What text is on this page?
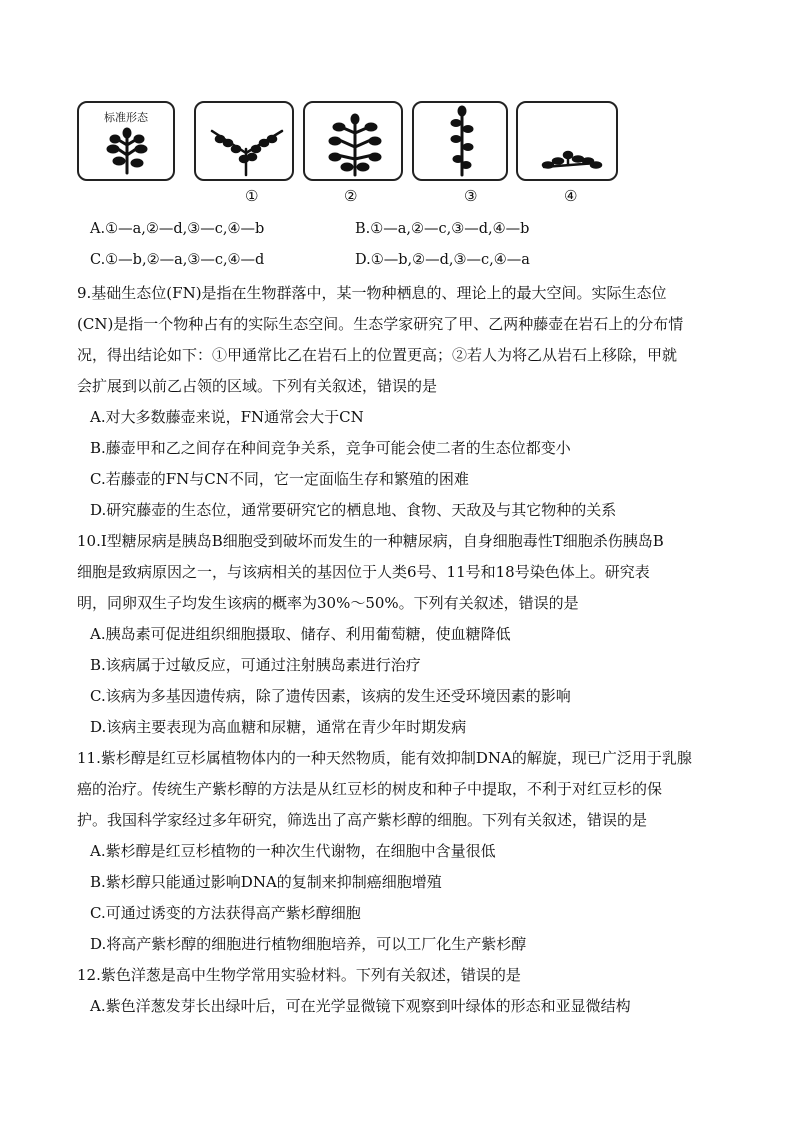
标准形态
①	②	③	④
A.①—a,②—d,③—c,④—b	B.①—a,②—c,③—d,④—b
C.①—b,②—a,③—c,④—d	D.①—b,②—d,③—c,④—a
9.基础生态位(FN)是指在生物群落中，某一物种栖息的、理论上的最大空间。实际生态位
(CN)是指一个物种占有的实际生态空间。生态学家研究了甲、乙两种藤壶在岩石上的分布情
况，得出结论如下：①甲通常比乙在岩石上的位置更高；②若人为将乙从岩石上移除，甲就
会扩展到以前乙占领的区域。下列有关叙述，错误的是
A.对大多数藤壶来说，FN通常会大于CN
B.藤壶甲和乙之间存在种间竞争关系，竞争可能会使二者的生态位都变小
C.若藤壶的FN与CN不同，它一定面临生存和繁殖的困难
D.研究藤壶的生态位，通常要研究它的栖息地、食物、天敌及与其它物种的关系
10.Ⅰ型糖尿病是胰岛B细胞受到破坏而发生的一种糖尿病，自身细胞毒性T细胞杀伤胰岛B
细胞是致病原因之一，与该病相关的基因位于人类6号、11号和18号染色体上。研究表
明，同卵双生子均发生该病的概率为30%～50%。下列有关叙述，错误的是
A.胰岛素可促进组织细胞摄取、储存、利用葡萄糖，使血糖降低
B.该病属于过敏反应，可通过注射胰岛素进行治疗
C.该病为多基因遗传病，除了遗传因素，该病的发生还受环境因素的影响
D.该病主要表现为高血糖和尿糖，通常在青少年时期发病
11.紫杉醇是红豆杉属植物体内的一种天然物质，能有效抑制DNA的解旋，现已广泛用于乳腺
癌的治疗。传统生产紫杉醇的方法是从红豆杉的树皮和种子中提取，不利于对红豆杉的保
护。我国科学家经过多年研究，筛选出了高产紫杉醇的细胞。下列有关叙述，错误的是
A.紫杉醇是红豆杉植物的一种次生代谢物，在细胞中含量很低
B.紫杉醇只能通过影响DNA的复制来抑制癌细胞增殖
C.可通过诱变的方法获得高产紫杉醇细胞
D.将高产紫杉醇的细胞进行植物细胞培养，可以工厂化生产紫杉醇
12.紫色洋葱是高中生物学常用实验材料。下列有关叙述，错误的是
A.紫色洋葱发芽长出绿叶后，可在光学显微镜下观察到叶绿体的形态和亚显微结构
